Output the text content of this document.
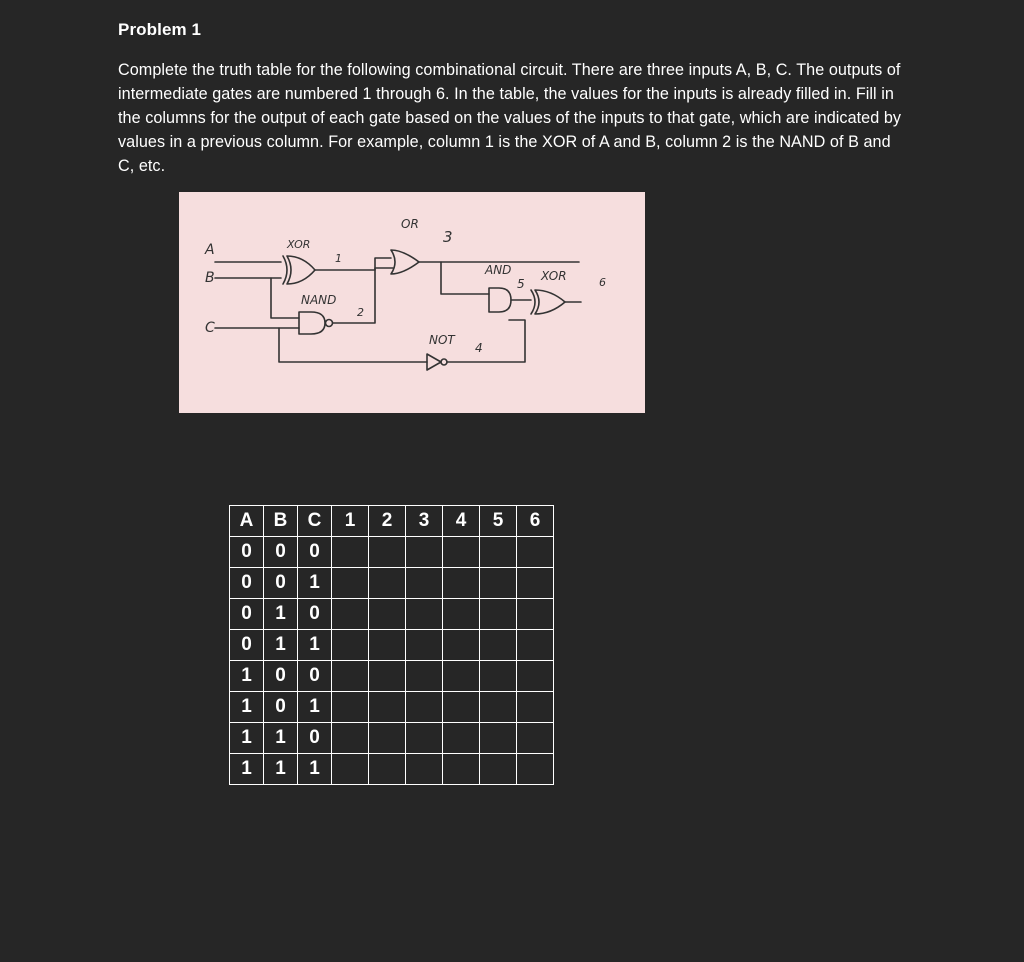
Problem 1
Complete the truth table for the following combinational circuit. There are three inputs A, B, C. The outputs of intermediate gates are numbered 1 through 6. In the table, the values for the inputs is already filled in. Fill in the columns for the output of each gate based on the values of the inputs to that gate, which are indicated by values in a previous column. For example, column 1 is the XOR of A and B, column 2 is the NAND of B and C, etc.
A
B
C
XOR
1
NAND
2
OR
3
NOT
4
AND
5
XOR	6
A	B	C	1	2	3	4	5	6
0	0	0						
0	0	1						
0	1	0						
0	1	1						
1	0	0						
1	0	1						
1	1	0						
1	1	1						
